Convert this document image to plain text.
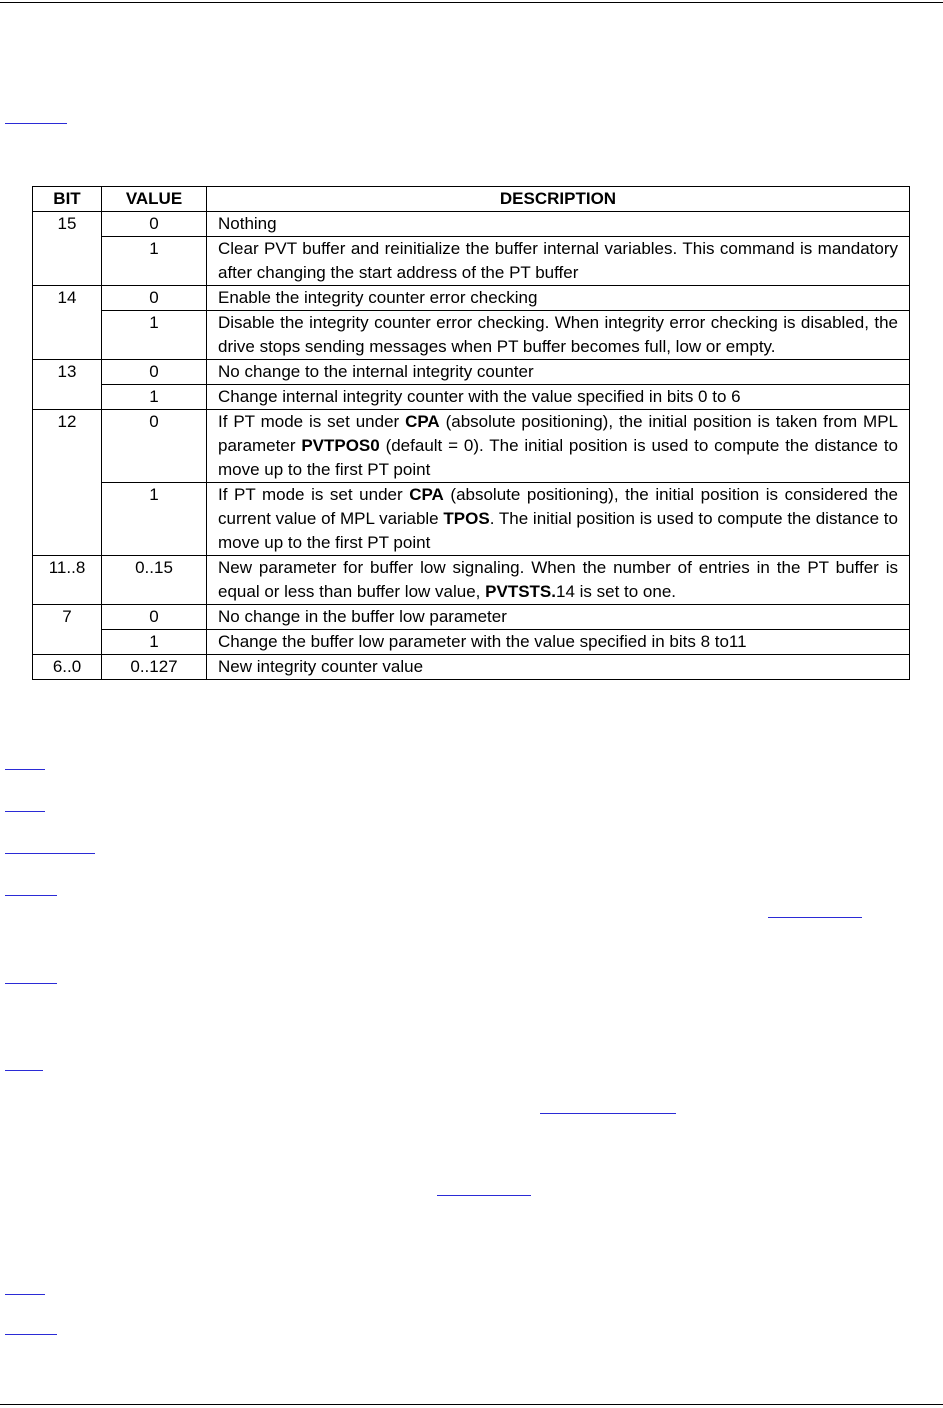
BIT	VALUE	DESCRIPTION
15	0	Nothing
	1	Clear PVT buffer and reinitialize the buffer internal variables. This command is mandatory after changing the start address of the PT buffer
14	0	Enable the integrity counter error checking
	1	Disable the integrity counter error checking. When integrity error checking is disabled, the drive stops sending messages when PT buffer becomes full, low or empty.
13	0	No change to the internal integrity counter
	1	Change internal integrity counter with the value specified in bits 0 to 6
12	0	If PT mode is set under CPA (absolute positioning), the initial position is taken from MPL parameter PVTPOS0 (default = 0). The initial position is used to compute the distance to move up to the first PT point
	1	If PT mode is set under CPA (absolute positioning), the initial position is considered the current value of MPL variable TPOS. The initial position is used to compute the distance to move up to the first PT point
11..8	0..15	New parameter for buffer low signaling. When the number of entries in the PT buffer is equal or less than buffer low value, PVTSTS.14 is set to one.
7	0	No change in the buffer low parameter
	1	Change the buffer low parameter with the value specified in bits 8 to11
6..0	0..127	New integrity counter value
